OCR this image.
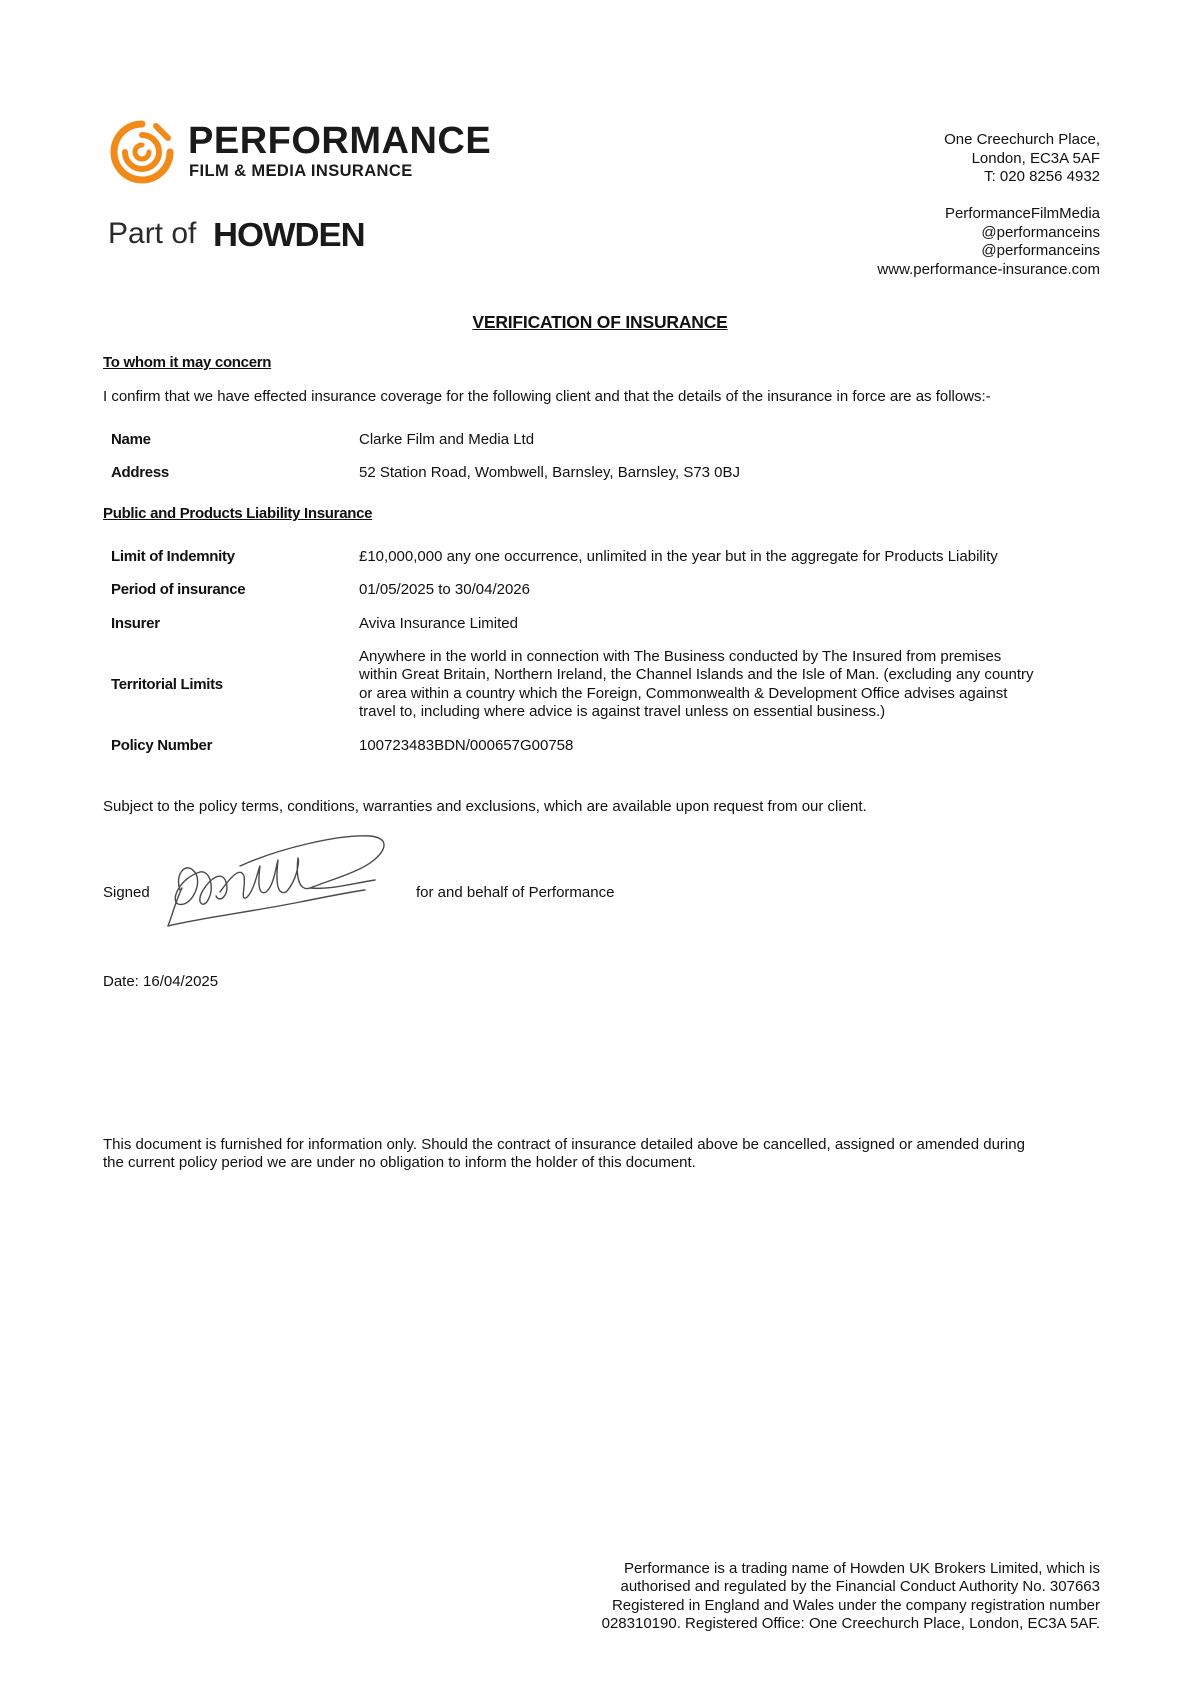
PERFORMANCE
FILM & MEDIA INSURANCE
Part of HOWDEN
One Creechurch Place,
London, EC3A 5AF
T: 020 8256 4932
PerformanceFilmMedia
@performanceins
@performanceins
www.performance-insurance.com
VERIFICATION OF INSURANCE
To whom it may concern
I confirm that we have effected insurance coverage for the following client and that the details of the insurance in force are as follows:-
Name	Clarke Film and Media Ltd
Address	52 Station Road, Wombwell, Barnsley, Barnsley, S73 0BJ
Public and Products Liability Insurance
Limit of Indemnity	£10,000,000 any one occurrence, unlimited in the year but in the aggregate for Products Liability
Period of insurance	01/05/2025 to 30/04/2026
Insurer	Aviva Insurance Limited
Territorial Limits
Anywhere in the world in connection with The Business conducted by The Insured from premises
within Great Britain, Northern Ireland, the Channel Islands and the Isle of Man. (excluding any country
or area within a country which the Foreign, Commonwealth & Development Office advises against
travel to, including where advice is against travel unless on essential business.)
Policy Number	100723483BDN/000657G00758
Subject to the policy terms, conditions, warranties and exclusions, which are available upon request from our client.
Signed	for and behalf of Performance
Date: 16/04/2025
This document is furnished for information only. Should the contract of insurance detailed above be cancelled, assigned or amended during
the current policy period we are under no obligation to inform the holder of this document.
Performance is a trading name of Howden UK Brokers Limited, which is
authorised and regulated by the Financial Conduct Authority No. 307663
Registered in England and Wales under the company registration number
028310190. Registered Office: One Creechurch Place, London, EC3A 5AF.
